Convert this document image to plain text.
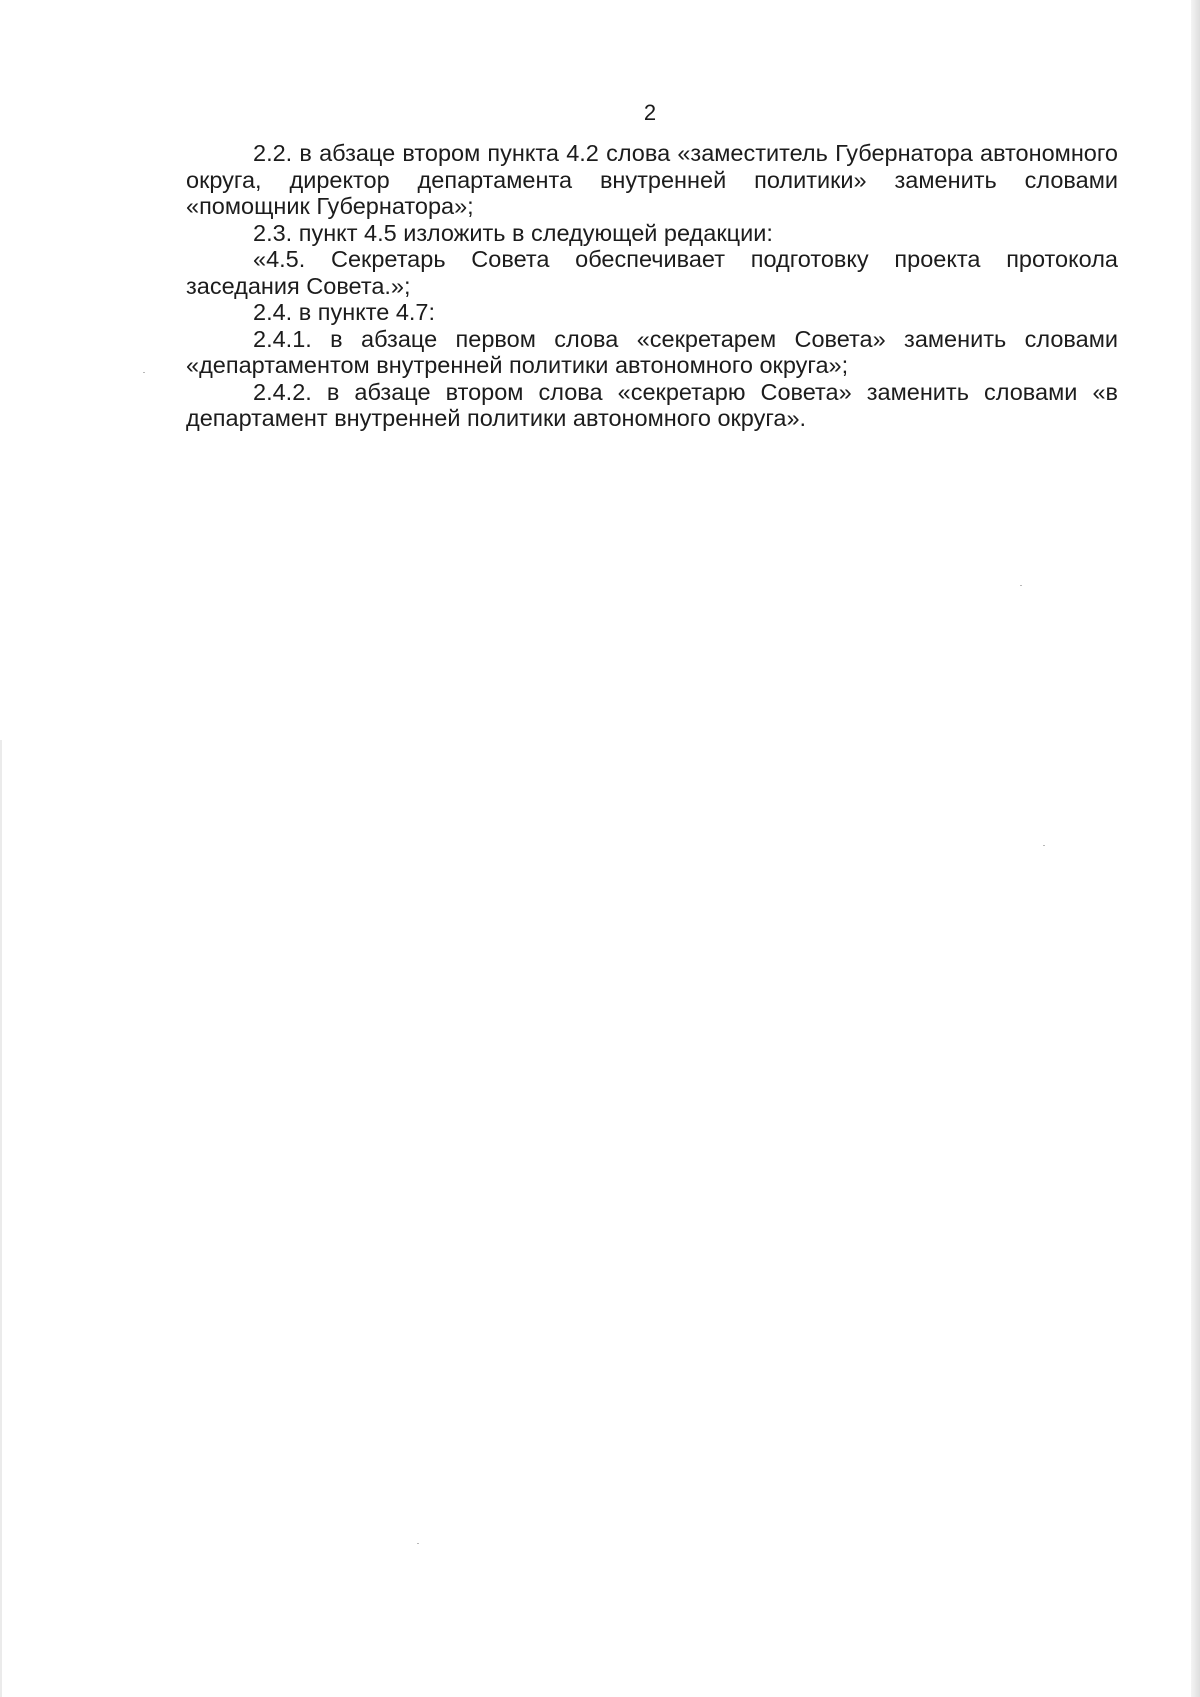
2

2.2. в абзаце втором пункта 4.2 слова «заместитель Губернатора автономного округа, директор департамента внутренней политики» заменить словами «помощник Губернатора»;

2.3. пункт 4.5 изложить в следующей редакции:

«4.5. Секретарь Совета обеспечивает подготовку проекта протокола заседания Совета.»;

2.4. в пункте 4.7:

2.4.1. в абзаце первом слова «секретарем Совета» заменить словами «департаментом внутренней политики автономного округа»;

2.4.2. в абзаце втором слова «секретарю Совета» заменить словами «в департамент внутренней политики автономного округа».
